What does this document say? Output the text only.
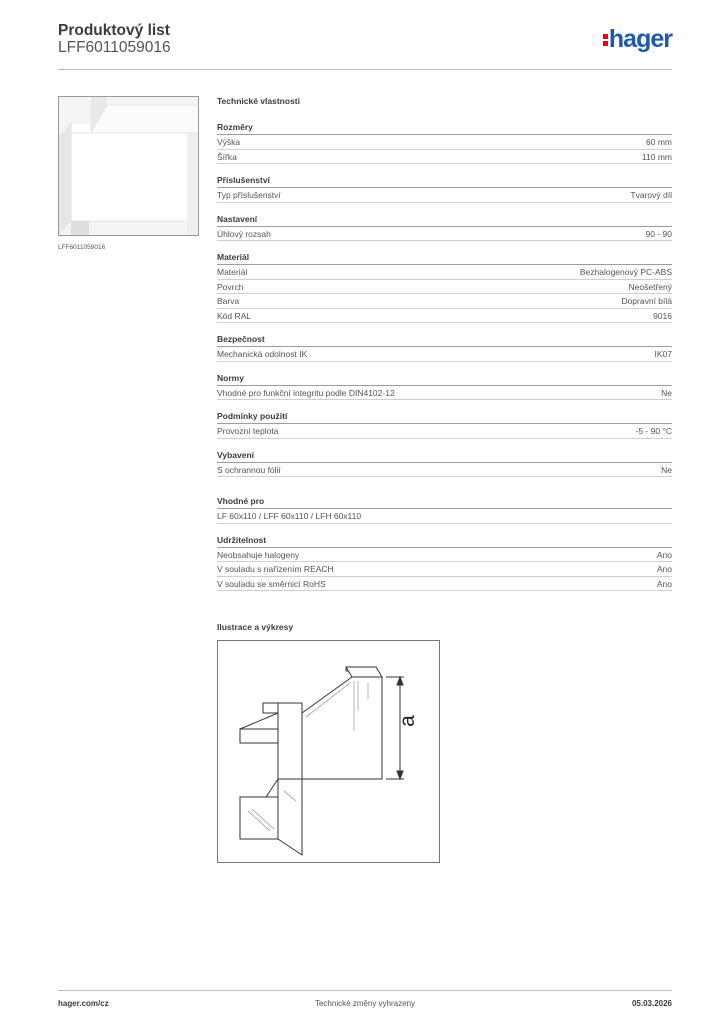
Produktový list
LFF6011059016	hager
LFF6011059016
Technické vlastnosti
Rozměry
Výška	60 mm
Šířka	110 mm
Příslušenství
Typ příslušenství	Tvarový díl
Nastavení
Úhlový rozsah	90 - 90
Materiál
Materiál	Bezhalogenový PC-ABS
Povrch	Neošetřený
Barva	Dopravní bílá
Kód RAL	9016
Bezpečnost
Mechanická odolnost IK	IK07
Normy
Vhodné pro funkční integritu podle DIN4102-12	Ne
Podmínky použití
Provozní teplota	-5 - 90 °C
Vybavení
S ochrannou fólií	Ne
Vhodné pro
LF 60x110 / LFF 60x110 / LFH 60x110
Udržitelnost
Neobsahuje halogeny	Ano
V souladu s nařízením REACH	Ano
V souladu se směrnicí RoHS	Ano
Ilustrace a výkresy
a
hager.com/cz	Technické změny vyhrazeny	05.03.2026
